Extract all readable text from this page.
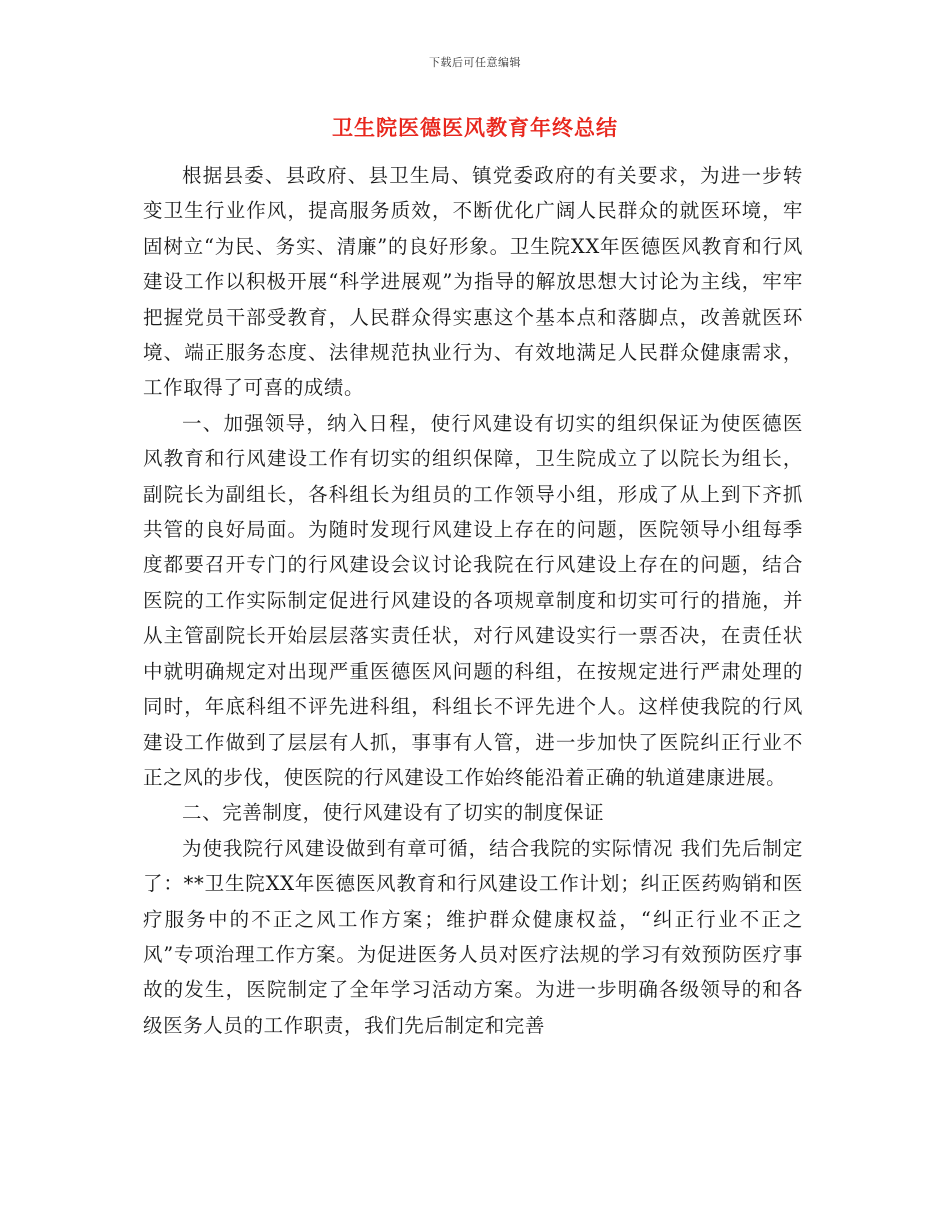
下载后可任意编辑
卫生院医德医风教育年终总结

根据县委、县政府、县卫生局、镇党委政府的有关要求，为进一步转变卫生行业作风，提高服务质效，不断优化广阔人民群众的就医环境，牢固树立“为民、务实、清廉”的良好形象。卫生院XX年医德医风教育和行风建设工作以积极开展“科学进展观”为指导的解放思想大讨论为主线，牢牢把握党员干部受教育，人民群众得实惠这个基本点和落脚点，改善就医环境、端正服务态度、法律规范执业行为、有效地满足人民群众健康需求，工作取得了可喜的成绩。

一、加强领导，纳入日程，使行风建设有切实的组织保证为使医德医风教育和行风建设工作有切实的组织保障，卫生院成立了以院长为组长，副院长为副组长，各科组长为组员的工作领导小组，形成了从上到下齐抓共管的良好局面。为随时发现行风建设上存在的问题，医院领导小组每季度都要召开专门的行风建设会议讨论我院在行风建设上存在的问题，结合医院的工作实际制定促进行风建设的各项规章制度和切实可行的措施，并从主管副院长开始层层落实责任状，对行风建设实行一票否决，在责任状中就明确规定对出现严重医德医风问题的科组，在按规定进行严肃处理的同时，年底科组不评先进科组，科组长不评先进个人。这样使我院的行风建设工作做到了层层有人抓，事事有人管，进一步加快了医院纠正行业不正之风的步伐，使医院的行风建设工作始终能沿着正确的轨道建康进展。

二、完善制度，使行风建设有了切实的制度保证

为使我院行风建设做到有章可循，结合我院的实际情况 我们先后制定了：**卫生院XX年医德医风教育和行风建设工作计划；纠正医药购销和医疗服务中的不正之风工作方案；维护群众健康权益，“纠正行业不正之风”专项治理工作方案。为促进医务人员对医疗法规的学习有效预防医疗事故的发生，医院制定了全年学习活动方案。为进一步明确各级领导的和各级医务人员的工作职责，我们先后制定和完善
